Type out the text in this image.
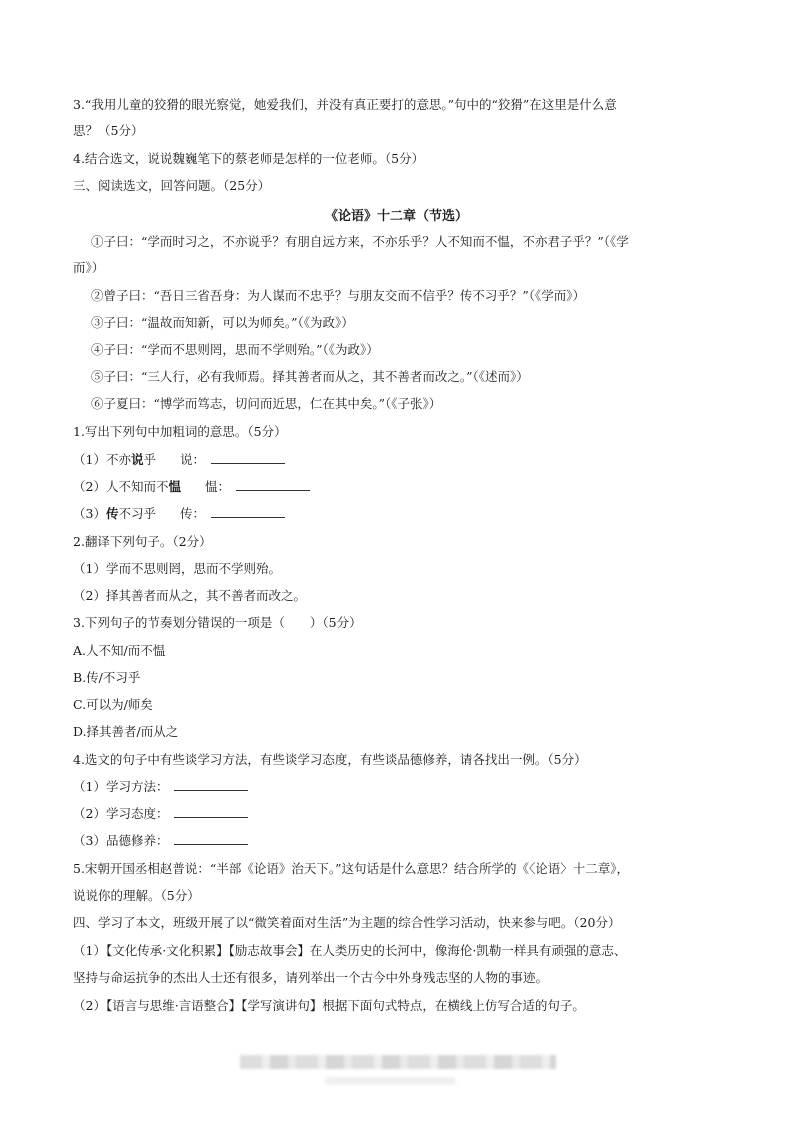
3.“我用儿童的狡猾的眼光察觉，她爱我们，并没有真正要打的意思。”句中的“狡猾”在这里是什么意
思？（5分）
4.结合选文，说说魏巍笔下的蔡老师是怎样的一位老师。（5分）
三、阅读选文，回答问题。（25分）
《论语》十二章（节选）
①子曰：“学而时习之，不亦说乎？有朋自远方来，不亦乐乎？人不知而不愠，不亦君子乎？”（《学
而》）
②曾子曰：“吾日三省吾身：为人谋而不忠乎？与朋友交而不信乎？传不习乎？”（《学而》）
③子曰：“温故而知新，可以为师矣。”（《为政》）
④子曰：“学而不思则罔，思而不学则殆。”（《为政》）
⑤子曰：“三人行，必有我师焉。择其善者而从之，其不善者而改之。”（《述而》）
⑥子夏曰：“博学而笃志，切问而近思，仁在其中矣。”（《子张》）
1.写出下列句中加粗词的意思。（5分）
（1）不亦说乎 说：
（2）人不知而不愠 愠：
（3）传不习乎 传：
2.翻译下列句子。（2分）
（1）学而不思则罔，思而不学则殆。
（2）择其善者而从之，其不善者而改之。
3.下列句子的节奏划分错误的一项是（　　）（5分）
A.人不知/而不愠
B.传/不习乎
C.可以为/师矣
D.择其善者/而从之
4.选文的句子中有些谈学习方法，有些谈学习态度，有些谈品德修养，请各找出一例。（5分）
（1）学习方法：
（2）学习态度：
（3）品德修养：
5.宋朝开国丞相赵普说：“半部《论语》治天下。”这句话是什么意思？结合所学的《〈论语〉十二章》，
说说你的理解。（5分）
四、学习了本文，班级开展了以“微笑着面对生活”为主题的综合性学习活动，快来参与吧。（20分）
（1）【文化传承·文化积累】【励志故事会】在人类历史的长河中，像海伦·凯勒一样具有顽强的意志、
坚持与命运抗争的杰出人士还有很多，请列举出一个古今中外身残志坚的人物的事迹。
（2）【语言与思维·言语整合】【学写演讲句】根据下面句式特点，在横线上仿写合适的句子。
